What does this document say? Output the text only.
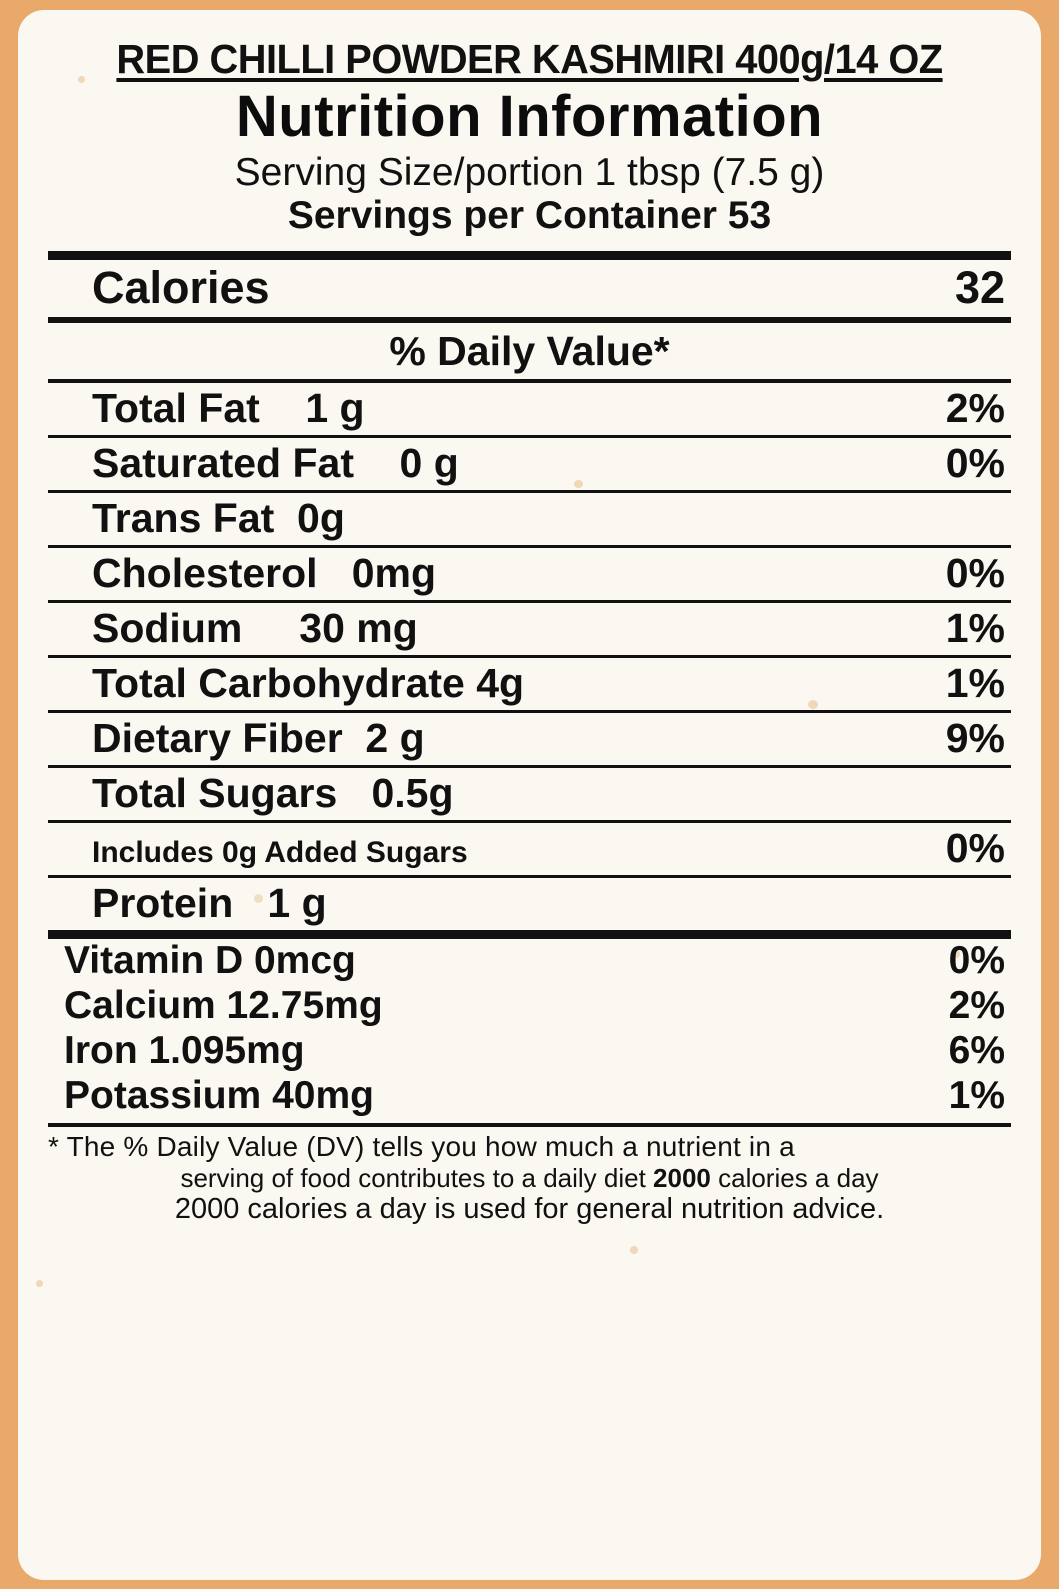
RED CHILLI POWDER KASHMIRI 400g/14 OZ
Nutrition Information
Serving Size/portion 1 tbsp (7.5 g)
Servings per Container 53
Calories	32
% Daily Value*
Total Fat    1 g	2%
Saturated Fat    0 g	0%
Trans Fat  0g
Cholesterol   0mg	0%
Sodium     30 mg	1%
Total Carbohydrate 4g	1%
Dietary Fiber  2 g	9%
Total Sugars   0.5g
Includes 0g Added Sugars	0%
Protein   1 g
Vitamin D 0mcg	0%
Calcium 12.75mg	2%
Iron 1.095mg	6%
Potassium 40mg	1%
* The % Daily Value (DV) tells you how much a nutrient in a
serving of food contributes to a daily diet 2000 calories a day
2000 calories a day is used for general nutrition advice.
